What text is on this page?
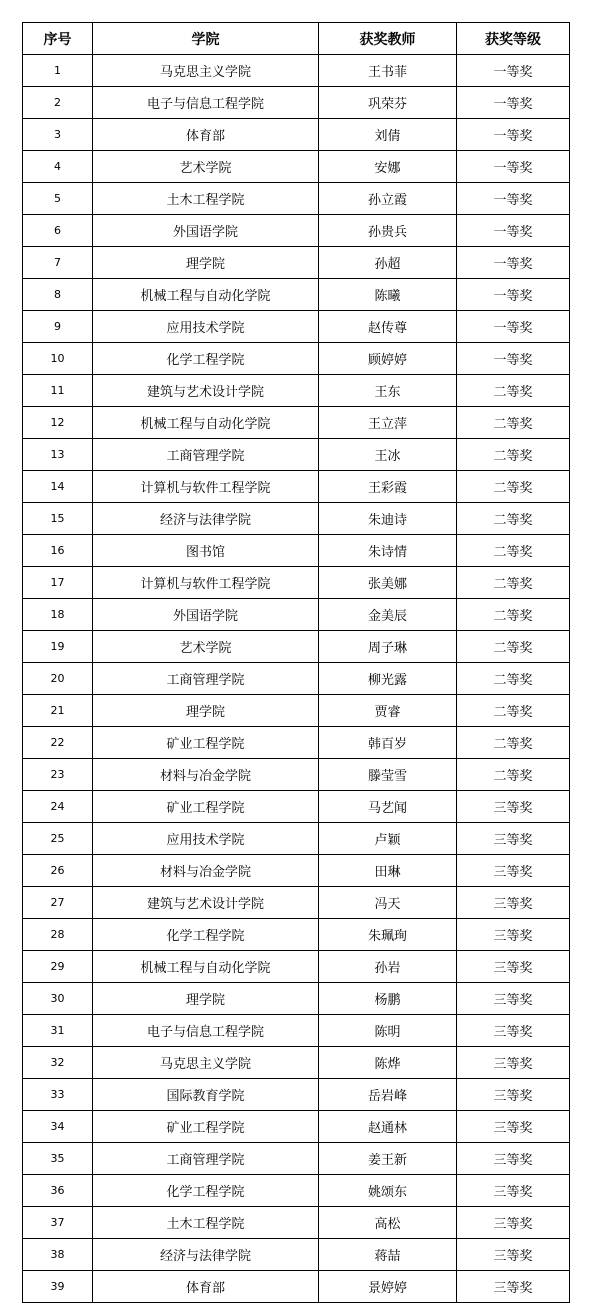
序号	学院	获奖教师	获奖等级
1	马克思主义学院	王书菲	一等奖
2	电子与信息工程学院	巩荣芬	一等奖
3	体育部	刘倩	一等奖
4	艺术学院	安娜	一等奖
5	土木工程学院	孙立霞	一等奖
6	外国语学院	孙贵兵	一等奖
7	理学院	孙超	一等奖
8	机械工程与自动化学院	陈曦	一等奖
9	应用技术学院	赵传尊	一等奖
10	化学工程学院	顾婷婷	一等奖
11	建筑与艺术设计学院	王东	二等奖
12	机械工程与自动化学院	王立萍	二等奖
13	工商管理学院	王冰	二等奖
14	计算机与软件工程学院	王彩霞	二等奖
15	经济与法律学院	朱迪诗	二等奖
16	图书馆	朱诗情	二等奖
17	计算机与软件工程学院	张美娜	二等奖
18	外国语学院	金美辰	二等奖
19	艺术学院	周子琳	二等奖
20	工商管理学院	柳光露	二等奖
21	理学院	贾睿	二等奖
22	矿业工程学院	韩百岁	二等奖
23	材料与冶金学院	滕莹雪	二等奖
24	矿业工程学院	马艺闻	三等奖
25	应用技术学院	卢颖	三等奖
26	材料与冶金学院	田琳	三等奖
27	建筑与艺术设计学院	冯天	三等奖
28	化学工程学院	朱珮珣	三等奖
29	机械工程与自动化学院	孙岩	三等奖
30	理学院	杨鹏	三等奖
31	电子与信息工程学院	陈明	三等奖
32	马克思主义学院	陈烨	三等奖
33	国际教育学院	岳岩峰	三等奖
34	矿业工程学院	赵通林	三等奖
35	工商管理学院	姜王新	三等奖
36	化学工程学院	姚颂东	三等奖
37	土木工程学院	高松	三等奖
38	经济与法律学院	蒋喆	三等奖
39	体育部	景婷婷	三等奖
